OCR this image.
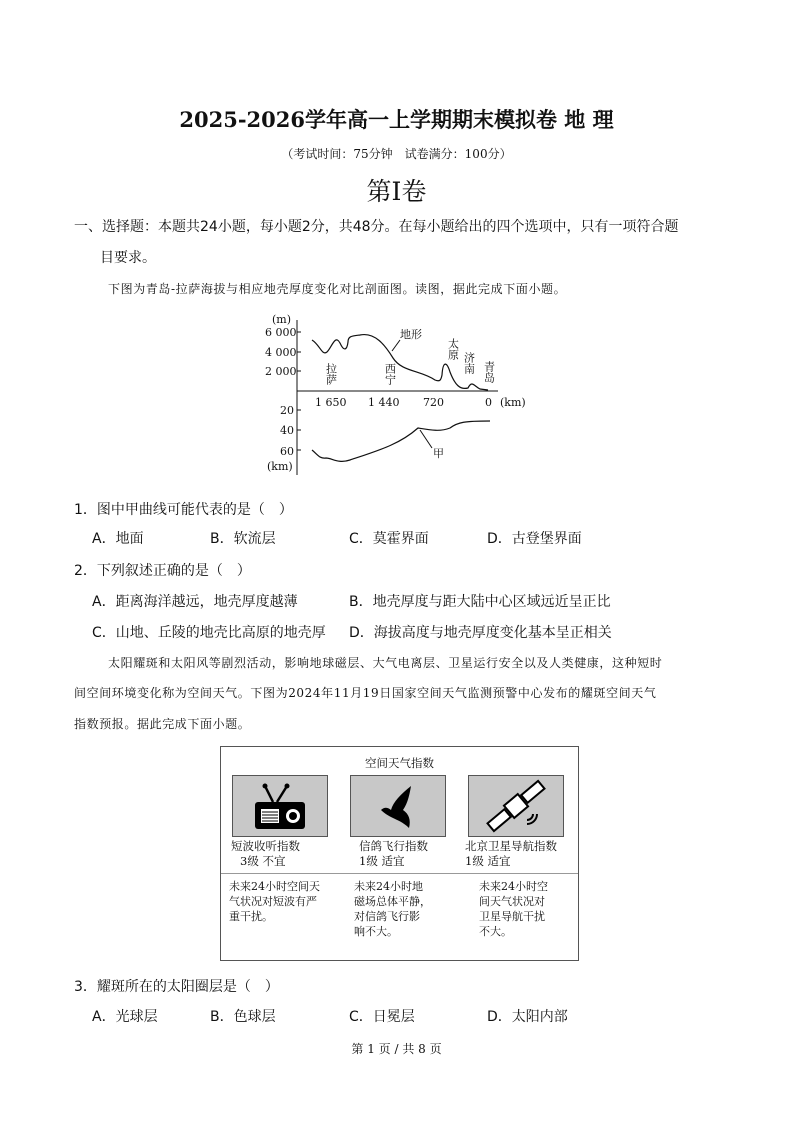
2025-2026学年高一上学期期末模拟卷 地 理
（考试时间：75分钟　试卷满分：100分）
第I卷
一、选择题：本题共24小题，每小题2分，共48分。在每小题给出的四个选项中，只有一项符合题
目要求。
下图为青岛-拉萨海拔与相应地壳厚度变化对比剖面图。读图，据此完成下面小题。
(m)
6 000
4 000
2 000
1 650 1 440 720	0 (km)
20
40
60
(km)
地形
甲
拉萨	西宁
太原
济南 青岛
1．图中甲曲线可能代表的是（　）
A．地面	B．软流层	C．莫霍界面	D．古登堡界面
2．下列叙述正确的是（　）
A．距离海洋越远，地壳厚度越薄	B．地壳厚度与距大陆中心区域远近呈正比
C．山地、丘陵的地壳比高原的地壳厚 D．海拔高度与地壳厚度变化基本呈正相关
太阳耀斑和太阳风等剧烈活动，影响地球磁层、大气电离层、卫星运行安全以及人类健康，这种短时
间空间环境变化称为空间天气。下图为2024年11月19日国家空间天气监测预警中心发布的耀斑空间天气
指数预报。据此完成下面小题。
空间天气指数
短波收听指数
3级 不宜
信鸽飞行指数
1级 适宜
北京卫星导航指数
1级 适宜
未来24小时空间天
气状况对短波有严
重干扰。
未来24小时地
磁场总体平静，
对信鸽飞行影
响不大。
未来24小时空
间天气状况对
卫星导航干扰
不大。
3．耀斑所在的太阳圈层是（　）
A．光球层	B．色球层	C．日冕层	D．太阳内部
第 1 页 / 共 8 页
